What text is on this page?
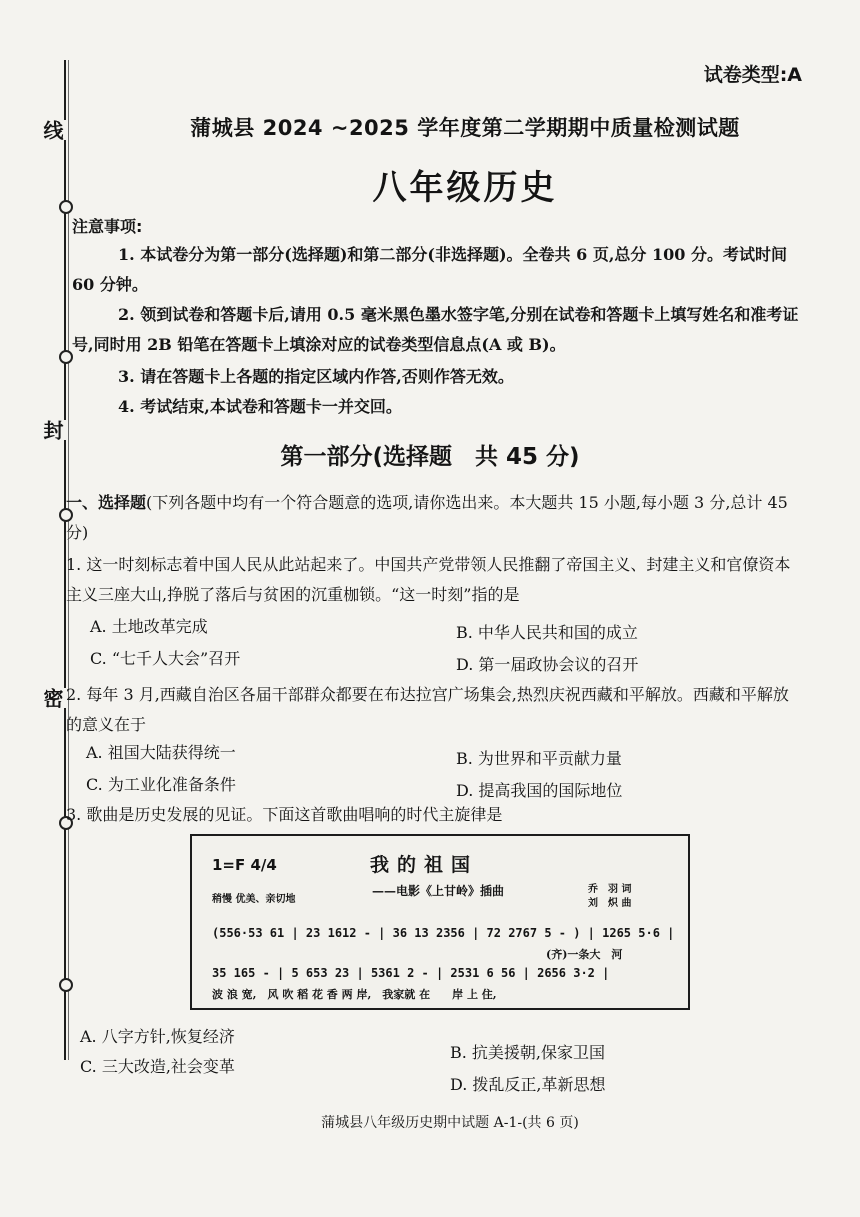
线
封
密
试卷类型:A
蒲城县 2024 ~2025 学年度第二学期期中质量检测试题
八年级历史
注意事项:
1. 本试卷分为第一部分(选择题)和第二部分(非选择题)。全卷共 6 页,总分 100 分。考试时间 60 分钟。
2. 领到试卷和答题卡后,请用 0.5 毫米黑色墨水签字笔,分别在试卷和答题卡上填写姓名和准考证号,同时用 2B 铅笔在答题卡上填涂对应的试卷类型信息点(A 或 B)。
3. 请在答题卡上各题的指定区域内作答,否则作答无效。
4. 考试结束,本试卷和答题卡一并交回。
第一部分(选择题　共 45 分)
一、选择题(下列各题中均有一个符合题意的选项,请你选出来。本大题共 15 小题,每小题 3 分,总计 45 分)
1. 这一时刻标志着中国人民从此站起来了。中国共产党带领人民推翻了帝国主义、封建主义和官僚资本主义三座大山,挣脱了落后与贫困的沉重枷锁。“这一时刻”指的是
A. 土地改革完成	B. 中华人民共和国的成立
C. “七千人大会”召开	D. 第一届政协会议的召开
2. 每年 3 月,西藏自治区各届干部群众都要在布达拉宫广场集会,热烈庆祝西藏和平解放。西藏和平解放的意义在于
A. 祖国大陆获得统一	B. 为世界和平贡献力量
C. 为工业化准备条件	D. 提高我国的国际地位
3. 歌曲是历史发展的见证。下面这首歌曲唱响的时代主旋律是
1=F 4/4	我的祖国
——电影《上甘岭》插曲
稍慢 优美、亲切地
乔　羽 词
刘　炽 曲
(556·53 61 | 23 1612 - | 36 13 2356 | 72 2767 5 - ) | 1265 5·6 |
(齐)一条大　河
35 165 - | 5 653 23 | 5361 2 - | 2531 6 56 | 2656 3·2 |
波 浪 宽,　风 吹 稻 花 香 两 岸,　我家就 在　　岸 上 住,
A. 八字方针,恢复经济
B. 抗美援朝,保家卫国
C. 三大改造,社会变革
D. 拨乱反正,革新思想
蒲城县八年级历史期中试题 A-1-(共 6 页)
